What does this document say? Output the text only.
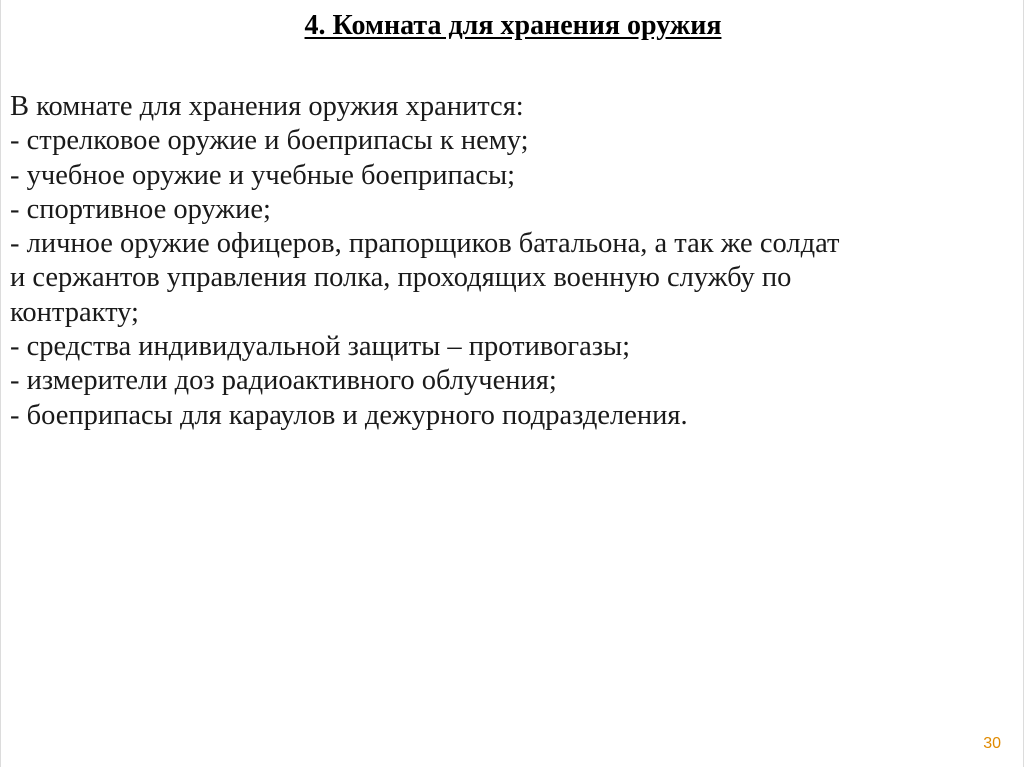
4. Комната для хранения оружия
В комнате для хранения оружия хранится:
- стрелковое оружие и боеприпасы к нему;
- учебное оружие и учебные боеприпасы;
- спортивное оружие;
- личное оружие офицеров, прапорщиков батальона, а так же солдат
и сержантов управления полка, проходящих военную службу по
контракту;
- средства индивидуальной защиты – противогазы;
- измерители доз радиоактивного облучения;
- боеприпасы для караулов и дежурного подразделения.
30
